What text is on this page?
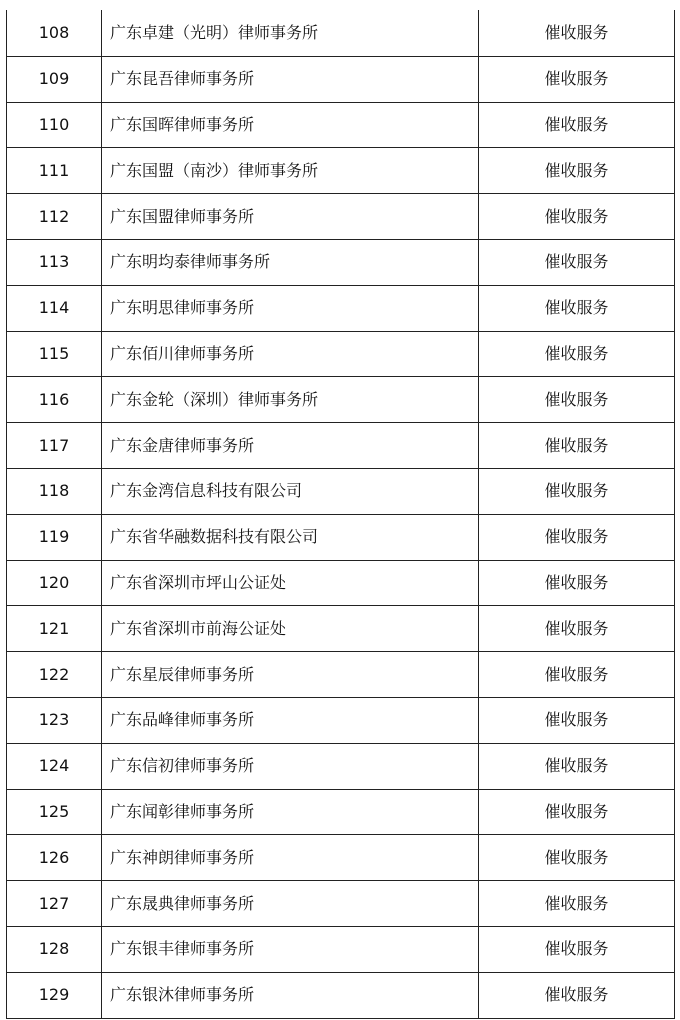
108	广东卓建（光明）律师事务所	催收服务
109	广东昆吾律师事务所	催收服务
110	广东国晖律师事务所	催收服务
111	广东国盟（南沙）律师事务所	催收服务
112	广东国盟律师事务所	催收服务
113	广东明均泰律师事务所	催收服务
114	广东明思律师事务所	催收服务
115	广东佰川律师事务所	催收服务
116	广东金轮（深圳）律师事务所	催收服务
117	广东金唐律师事务所	催收服务
118	广东金湾信息科技有限公司	催收服务
119	广东省华融数据科技有限公司	催收服务
120	广东省深圳市坪山公证处	催收服务
121	广东省深圳市前海公证处	催收服务
122	广东星辰律师事务所	催收服务
123	广东品峰律师事务所	催收服务
124	广东信初律师事务所	催收服务
125	广东闻彰律师事务所	催收服务
126	广东神朗律师事务所	催收服务
127	广东晟典律师事务所	催收服务
128	广东银丰律师事务所	催收服务
129	广东银沐律师事务所	催收服务
